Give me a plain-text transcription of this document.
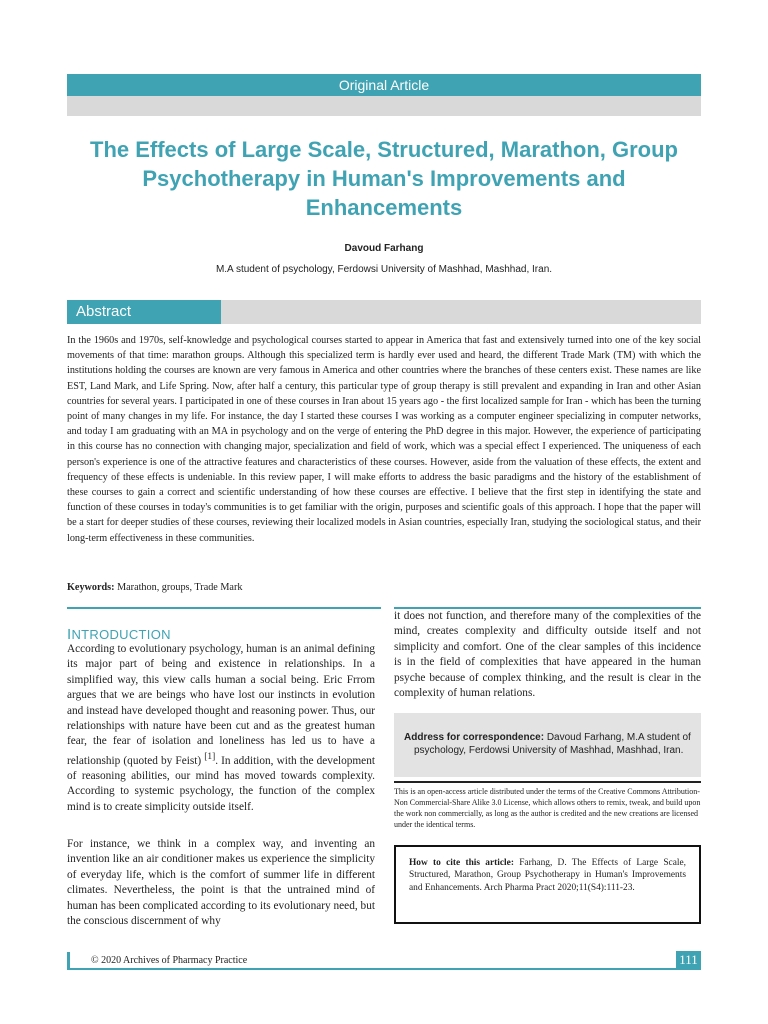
Original Article
The Effects of Large Scale, Structured, Marathon, Group Psychotherapy in Human's Improvements and Enhancements
Davoud Farhang
M.A student of psychology, Ferdowsi University of Mashhad, Mashhad, Iran.
Abstract
In the 1960s and 1970s, self-knowledge and psychological courses started to appear in America that fast and extensively turned into one of the key social movements of that time: marathon groups. Although this specialized term is hardly ever used and heard, the different Trade Mark (TM) with which the institutions holding the courses are known are very famous in America and other countries where the branches of these centers exist. These names are like EST, Land Mark, and Life Spring. Now, after half a century, this particular type of group therapy is still prevalent and expanding in Iran and other Asian countries for several years. I participated in one of these courses in Iran about 15 years ago - the first localized sample for Iran - which has been the turning point of many changes in my life. For instance, the day I started these courses I was working as a computer engineer specializing in computer networks, and today I am graduating with an MA in psychology and on the verge of entering the PhD degree in this major. However, the experience of participating in this course has no connection with changing major, specialization and field of work, which was a special effect I experienced. The uniqueness of each person's experience is one of the attractive features and characteristics of these courses. However, aside from the valuation of these effects, the extent and frequency of these effects is undeniable. In this review paper, I will make efforts to address the basic paradigms and the history of the establishment of these courses to gain a correct and scientific understanding of how these courses are effective. I believe that the first step in identifying the state and function of these courses in today's communities is to get familiar with the origin, purposes and scientific goals of this approach. I hope that the paper will be a start for deeper studies of these courses, reviewing their localized models in Asian countries, especially Iran, studying the sociological status, and their long-term effectiveness in these communities.
Keywords: Marathon, groups, Trade Mark
INTRODUCTION
According to evolutionary psychology, human is an animal defining its major part of being and existence in relationships. In a simplified way, this view calls human a social being. Eric Frrom argues that we are beings who have lost our instincts in evolution and instead have developed thought and reasoning power. Thus, our relationships with nature have been cut and as the greatest human fear, the fear of isolation and loneliness has led us to have a relationship (quoted by Feist) [1]. In addition, with the development of reasoning abilities, our mind has moved towards complexity. According to systemic psychology, the function of the complex mind is to create simplicity outside itself.
For instance, we think in a complex way, and inventing an invention like an air conditioner makes us experience the simplicity of everyday life, which is the comfort of summer life in different climates. Nevertheless, the point is that the untrained mind of human has been complicated according to its evolutionary need, but the conscious discernment of why
it does not function, and therefore many of the complexities of the mind, creates complexity and difficulty outside itself and not simplicity and comfort. One of the clear samples of this incidence is in the field of complexities that have appeared in the human psyche because of complex thinking, and the result is clear in the complexity of human relations.
Address for correspondence: Davoud Farhang, M.A student of psychology, Ferdowsi University of Mashhad, Mashhad, Iran.
This is an open-access article distributed under the terms of the Creative Commons Attribution-Non Commercial-Share Alike 3.0 License, which allows others to remix, tweak, and build upon the work non commercially, as long as the author is credited and the new creations are licensed under the identical terms.
How to cite this article: Farhang, D. The Effects of Large Scale, Structured, Marathon, Group Psychotherapy in Human's Improvements and Enhancements. Arch Pharma Pract 2020;11(S4):111-23.
© 2020 Archives of Pharmacy Practice	111
